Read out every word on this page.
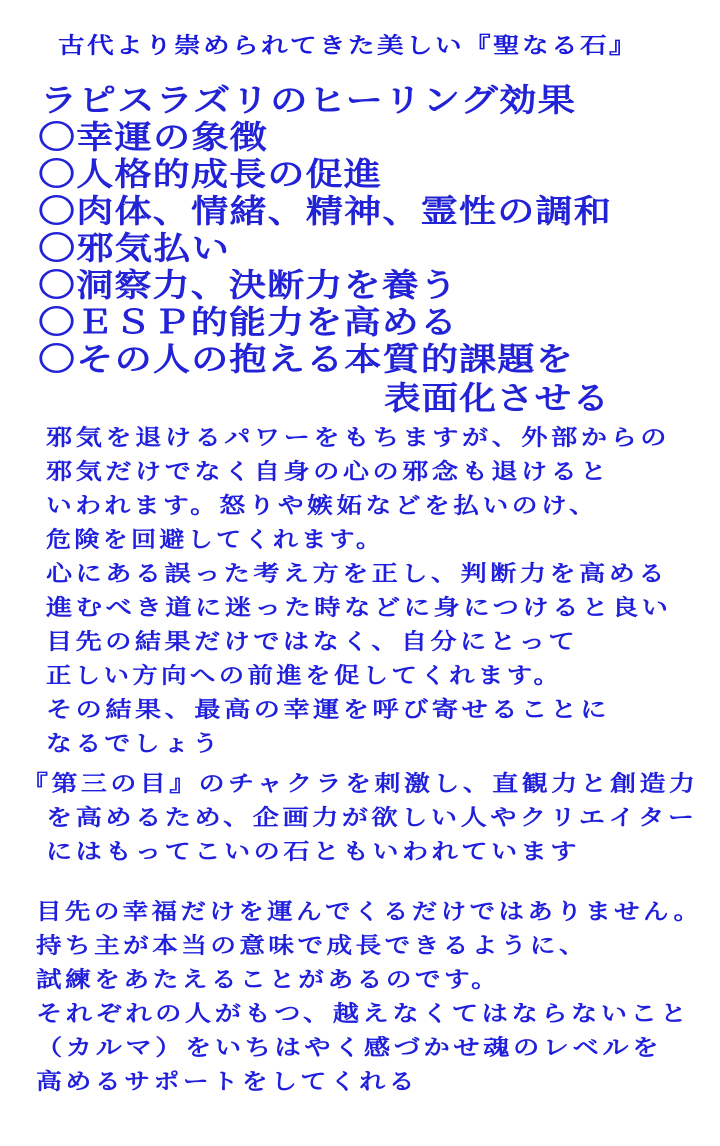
古代より崇められてきた美しい『聖なる石』
ラピスラズリのヒーリング効果
〇幸運の象徴
〇人格的成長の促進
〇肉体、情緒、精神、霊性の調和
〇邪気払い
〇洞察力、決断力を養う
〇ＥＳＰ的能力を高める
〇その人の抱える本質的課題を
表面化させる
邪気を退けるパワーをもちますが、外部からの
邪気だけでなく自身の心の邪念も退けると
いわれます。怒りや嫉妬などを払いのけ、
危険を回避してくれます。
心にある誤った考え方を正し、判断力を高める
進むべき道に迷った時などに身につけると良い
目先の結果だけではなく、自分にとって
正しい方向への前進を促してくれます。
その結果、最高の幸運を呼び寄せることに
なるでしょう
『第三の目』のチャクラを刺激し、直観力と創造力
を高めるため、企画力が欲しい人やクリエイター
にはもってこいの石ともいわれています
目先の幸福だけを運んでくるだけではありません。
持ち主が本当の意味で成長できるように、
試練をあたえることがあるのです。
それぞれの人がもつ、越えなくてはならないこと
（カルマ）をいちはやく感づかせ魂のレベルを
高めるサポートをしてくれる
